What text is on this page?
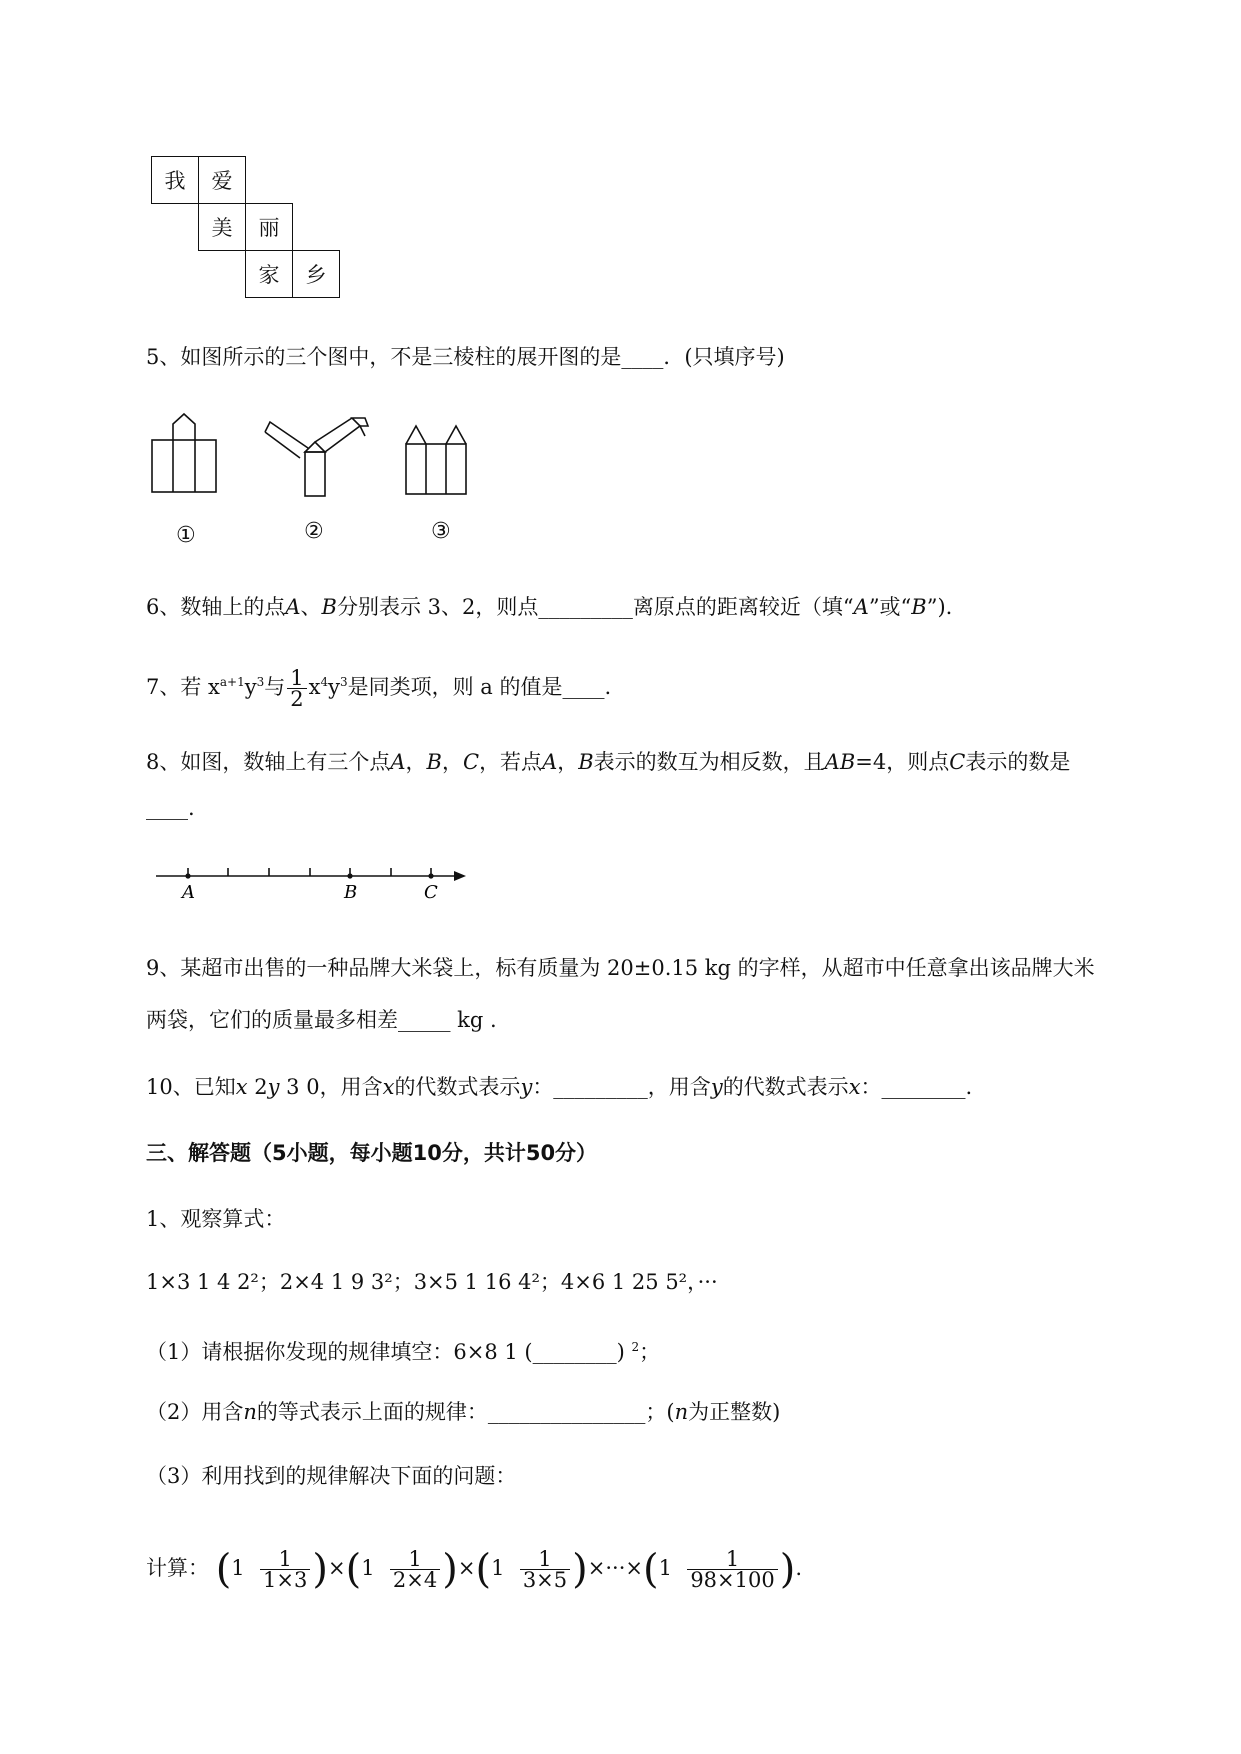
我	爱
美	丽
家	乡
5、如图所示的三个图中，不是三棱柱的展开图的是____．(只填序号)
①	②	③
6、数轴上的点A、B分别表示 3、2，则点_________离原点的距离较近（填“A”或“B”).
7、若 $x^{a+1}y^3$与 $\frac{1}{2} x^4y^3$是同类项，则 a 的值是____.
8、如图，数轴上有三个点A，B，C，若点A，B表示的数互为相反数，且AB=4，则点C表示的数是
____.
A	B	C
9、某超市出售的一种品牌大米袋上，标有质量为 20±0.15 kg 的字样，从超市中任意拿出该品牌大米
两袋，它们的质量最多相差_____ kg .
10、已知x 2y 3 0，用含x的代数式表示y：_________，用含y的代数式表示x：________.
三、解答题（5小题，每小题10分，共计50分）
1、观察算式：
1×3 1 4 2²；2×4 1 9 3²；3×5 1 16 4²；4×6 1 25 5²，···
（1）请根据你发现的规律填空：6×8 1 (________) $^2$；
（2）用含n的等式表示上面的规律：_______________；(n为正整数)
（3）利用找到的规律解决下面的问题：
计算： $(1 \frac{1}{1\times 3} )\times(1 \frac{1}{2\times 4} )\times(1 \frac{1}{3\times 5} )\times\cdot\cdot\cdot\times(1 \frac{1}{98\times 100}$ ).
